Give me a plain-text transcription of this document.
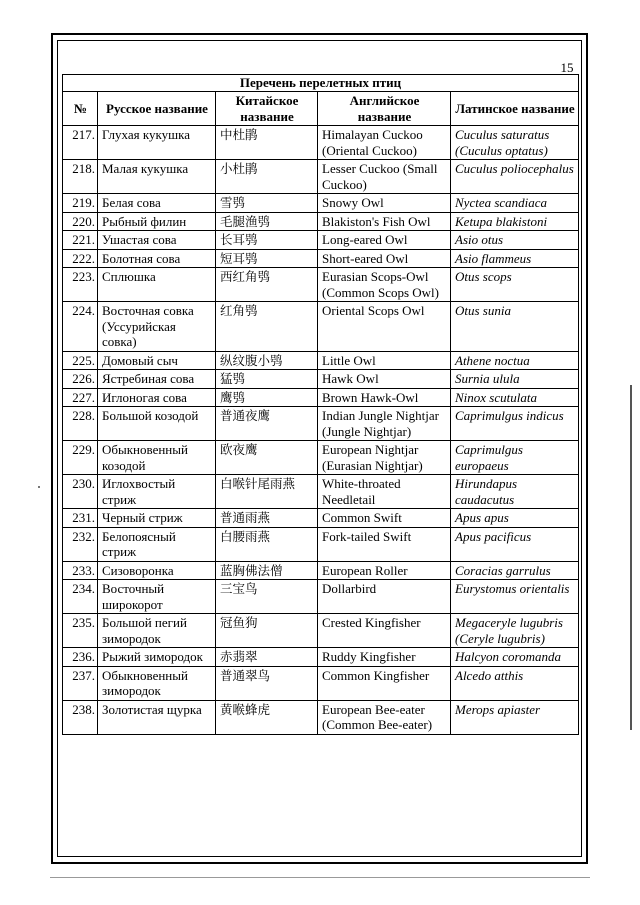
15
Перечень перелетных птиц				
№	Русское название	Китайское название	Английское название	Латинское название
217.	Глухая кукушка	中杜鹃	Himalayan Cuckoo (Oriental Cuckoo)	Cuculus saturatus (Cuculus optatus)
218.	Малая кукушка	小杜鹃	Lesser Cuckoo (Small Cuckoo)	Cuculus poliocephalus
219.	Белая сова	雪鸮	Snowy Owl	Nyctea scandiaca
220.	Рыбный филин	毛腿渔鸮	Blakiston's Fish Owl	Ketupa blakistoni
221.	Ушастая сова	长耳鸮	Long-eared Owl	Asio otus
222.	Болотная сова	短耳鸮	Short-eared Owl	Asio flammeus
223.	Сплюшка	西红角鸮	Eurasian Scops-Owl (Common Scops Owl)	Otus scops
224.	Восточная совка (Уссурийская совка)	红角鸮	Oriental Scops Owl	Otus sunia
225.	Домовый сыч	纵纹腹小鸮	Little Owl	Athene noctua
226.	Ястребиная сова	猛鸮	Hawk Owl	Surnia ulula
227.	Иглоногая сова	鹰鸮	Brown Hawk-Owl	Ninox scutulata
228.	Большой козодой	普通夜鹰	Indian Jungle Nightjar (Jungle Nightjar)	Caprimulgus indicus
229.	Обыкновенный козодой	欧夜鹰	European Nightjar (Eurasian Nightjar)	Caprimulgus europaeus
230.	Иглохвостый стриж	白喉针尾雨燕	White-throated Needletail	Hirundapus caudacutus
231.	Черный стриж	普通雨燕	Common Swift	Apus apus
232.	Белопоясный стриж	白腰雨燕	Fork-tailed Swift	Apus pacificus
233.	Сизоворонка	蓝胸佛法僧	European Roller	Coracias garrulus
234.	Восточный широкорот	三宝鸟	Dollarbird	Eurystomus orientalis
235.	Большой пегий зимородок	冠鱼狗	Crested Kingfisher	Megaceryle lugubris (Ceryle lugubris)
236.	Рыжий зимородок	赤翡翠	Ruddy Kingfisher	Halcyon coromanda
237.	Обыкновенный зимородок	普通翠鸟	Common Kingfisher	Alcedo atthis
238.	Золотистая щурка	黄喉蜂虎	European Bee-eater (Common Bee-eater)	Merops apiaster
